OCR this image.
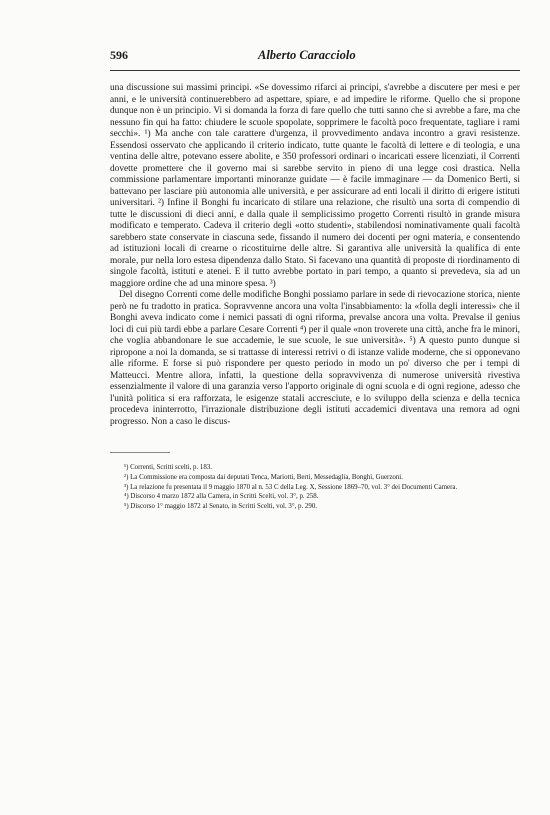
596	Alberto Caracciolo

una discussione sui massimi principi. «Se dovessimo rifarci ai principi, s'avrebbe a discutere per mesi e per anni, e le università continuerebbero ad aspettare, spiare, e ad impedire le riforme. Quello che si propone dunque non è un principio. Vi si domanda la forza di fare quello che tutti sanno che si avrebbe a fare, ma che nessuno fin qui ha fatto: chiudere le scuole spopolate, sopprimere le facoltà poco frequentate, tagliare i rami secchi». ¹) Ma anche con tale carattere d'urgenza, il provvedimento andava incontro a gravi resistenze. Essendosi osservato che applicando il criterio indicato, tutte quante le facoltà di lettere e di teologia, e una ventina delle altre, potevano essere abolite, e 350 professori ordinari o incaricati essere licenziati, il Correnti dovette promettere che il governo mai si sarebbe servito in pieno di una legge così drastica. Nella commissione parlamentare importanti minoranze guidate — è facile immaginare — da Domenico Berti, si battevano per lasciare più autonomia alle università, e per assicurare ad enti locali il diritto di erigere istituti universitari. ²) Infine il Bonghi fu incaricato di stilare una relazione, che risultò una sorta di compendio di tutte le discussioni di dieci anni, e dalla quale il semplicissimo progetto Correnti risultò in grande misura modificato e temperato. Cadeva il criterio degli «otto studenti», stabilendosi nominativamente quali facoltà sarebbero state conservate in ciascuna sede, fissando il numero dei docenti per ogni materia, e consentendo ad istituzioni locali di crearne o ricostituirne delle altre. Si garantiva alle università la qualifica di ente morale, pur nella loro estesa dipendenza dallo Stato. Si facevano una quantità di proposte di riordinamento di singole facoltà, istituti e atenei. E il tutto avrebbe portato in pari tempo, a quanto si prevedeva, sia ad un maggiore ordine che ad una minore spesa. ³)

Del disegno Correnti come delle modifiche Bonghi possiamo parlare in sede di rievocazione storica, niente però ne fu tradotto in pratica. Sopravvenne ancora una volta l'insabbiamento: la «folla degli interessi» che il Bonghi aveva indicato come i nemici passati di ogni riforma, prevalse ancora una volta. Prevalse il genius loci di cui più tardi ebbe a parlare Cesare Correnti ⁴) per il quale «non troverete una città, anche fra le minori, che voglia abbandonare le sue accademie, le sue scuole, le sue università». ⁵) A questo punto dunque si ripropone a noi la domanda, se si trattasse di interessi retrivi o di istanze valide moderne, che si opponevano alle riforme. E forse si può rispondere per questo periodo in modo un po' diverso che per i tempi di Matteucci. Mentre allora, infatti, la questione della sopravvivenza di numerose università rivestiva essenzialmente il valore di una garanzia verso l'apporto originale di ogni scuola e di ogni regione, adesso che l'unità politica si era rafforzata, le esigenze statali accresciute, e lo sviluppo della scienza e della tecnica procedeva ininterrotto, l'irrazionale distribuzione degli istituti accademici diventava una remora ad ogni progresso. Non a caso le discus-

¹) Correnti, Scritti scelti, p. 183.

²) La Commissione era composta dai deputati Tenca, Mariotti, Berti, Messedaglia, Bonghi, Guerzoni.

³) La relazione fu presentata il 9 maggio 1870 al n. 53 C della Leg. X, Sessione 1869–70, vol. 3° dei Documenti Camera.

⁴) Discorso 4 marzo 1872 alla Camera, in Scritti Scelti, vol. 3°, p. 258.

⁵) Discorso 1° maggio 1872 al Senato, in Scritti Scelti, vol. 3°, p. 290.
